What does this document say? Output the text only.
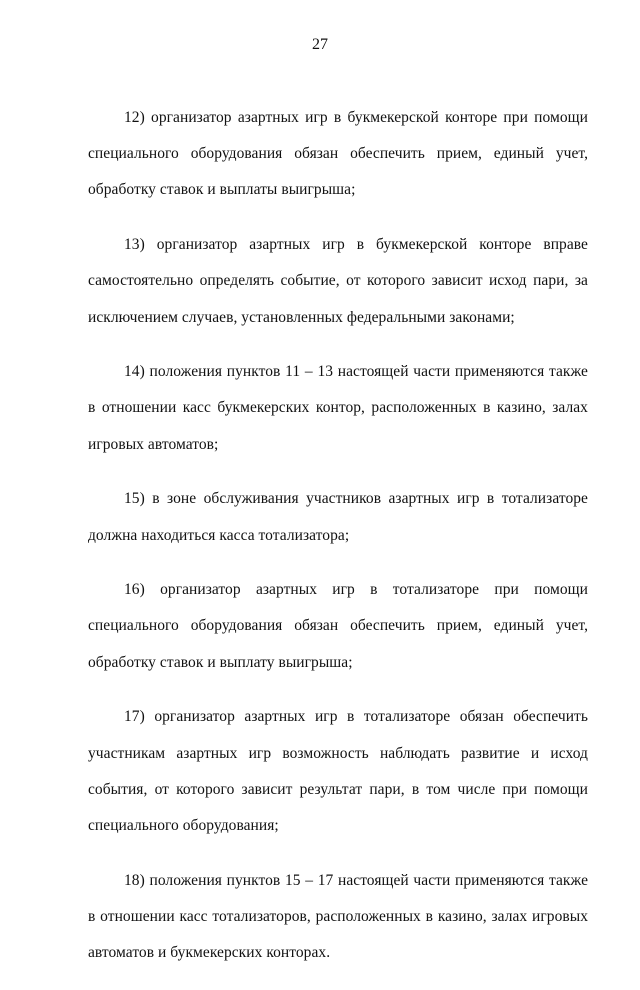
27

12) организатор азартных игр в букмекерской конторе при помощи специального оборудования обязан обеспечить прием, единый учет, обработку ставок и выплаты выигрыша;

13) организатор азартных игр в букмекерской конторе вправе самостоятельно определять событие, от которого зависит исход пари, за исключением случаев, установленных федеральными законами;

14) положения пунктов 11 – 13 настоящей части применяются также в отношении касс букмекерских контор, расположенных в казино, залах игровых автоматов;

15) в зоне обслуживания участников азартных игр в тотализаторе должна находиться касса тотализатора;

16) организатор азартных игр в тотализаторе при помощи специального оборудования обязан обеспечить прием, единый учет, обработку ставок и выплату выигрыша;

17) организатор азартных игр в тотализаторе обязан обеспечить участникам азартных игр возможность наблюдать развитие и исход события, от которого зависит результат пари, в том числе при помощи специального оборудования;

18) положения пунктов 15 – 17 настоящей части применяются также в отношении касс тотализаторов, расположенных в казино, залах игровых автоматов и букмекерских конторах.
